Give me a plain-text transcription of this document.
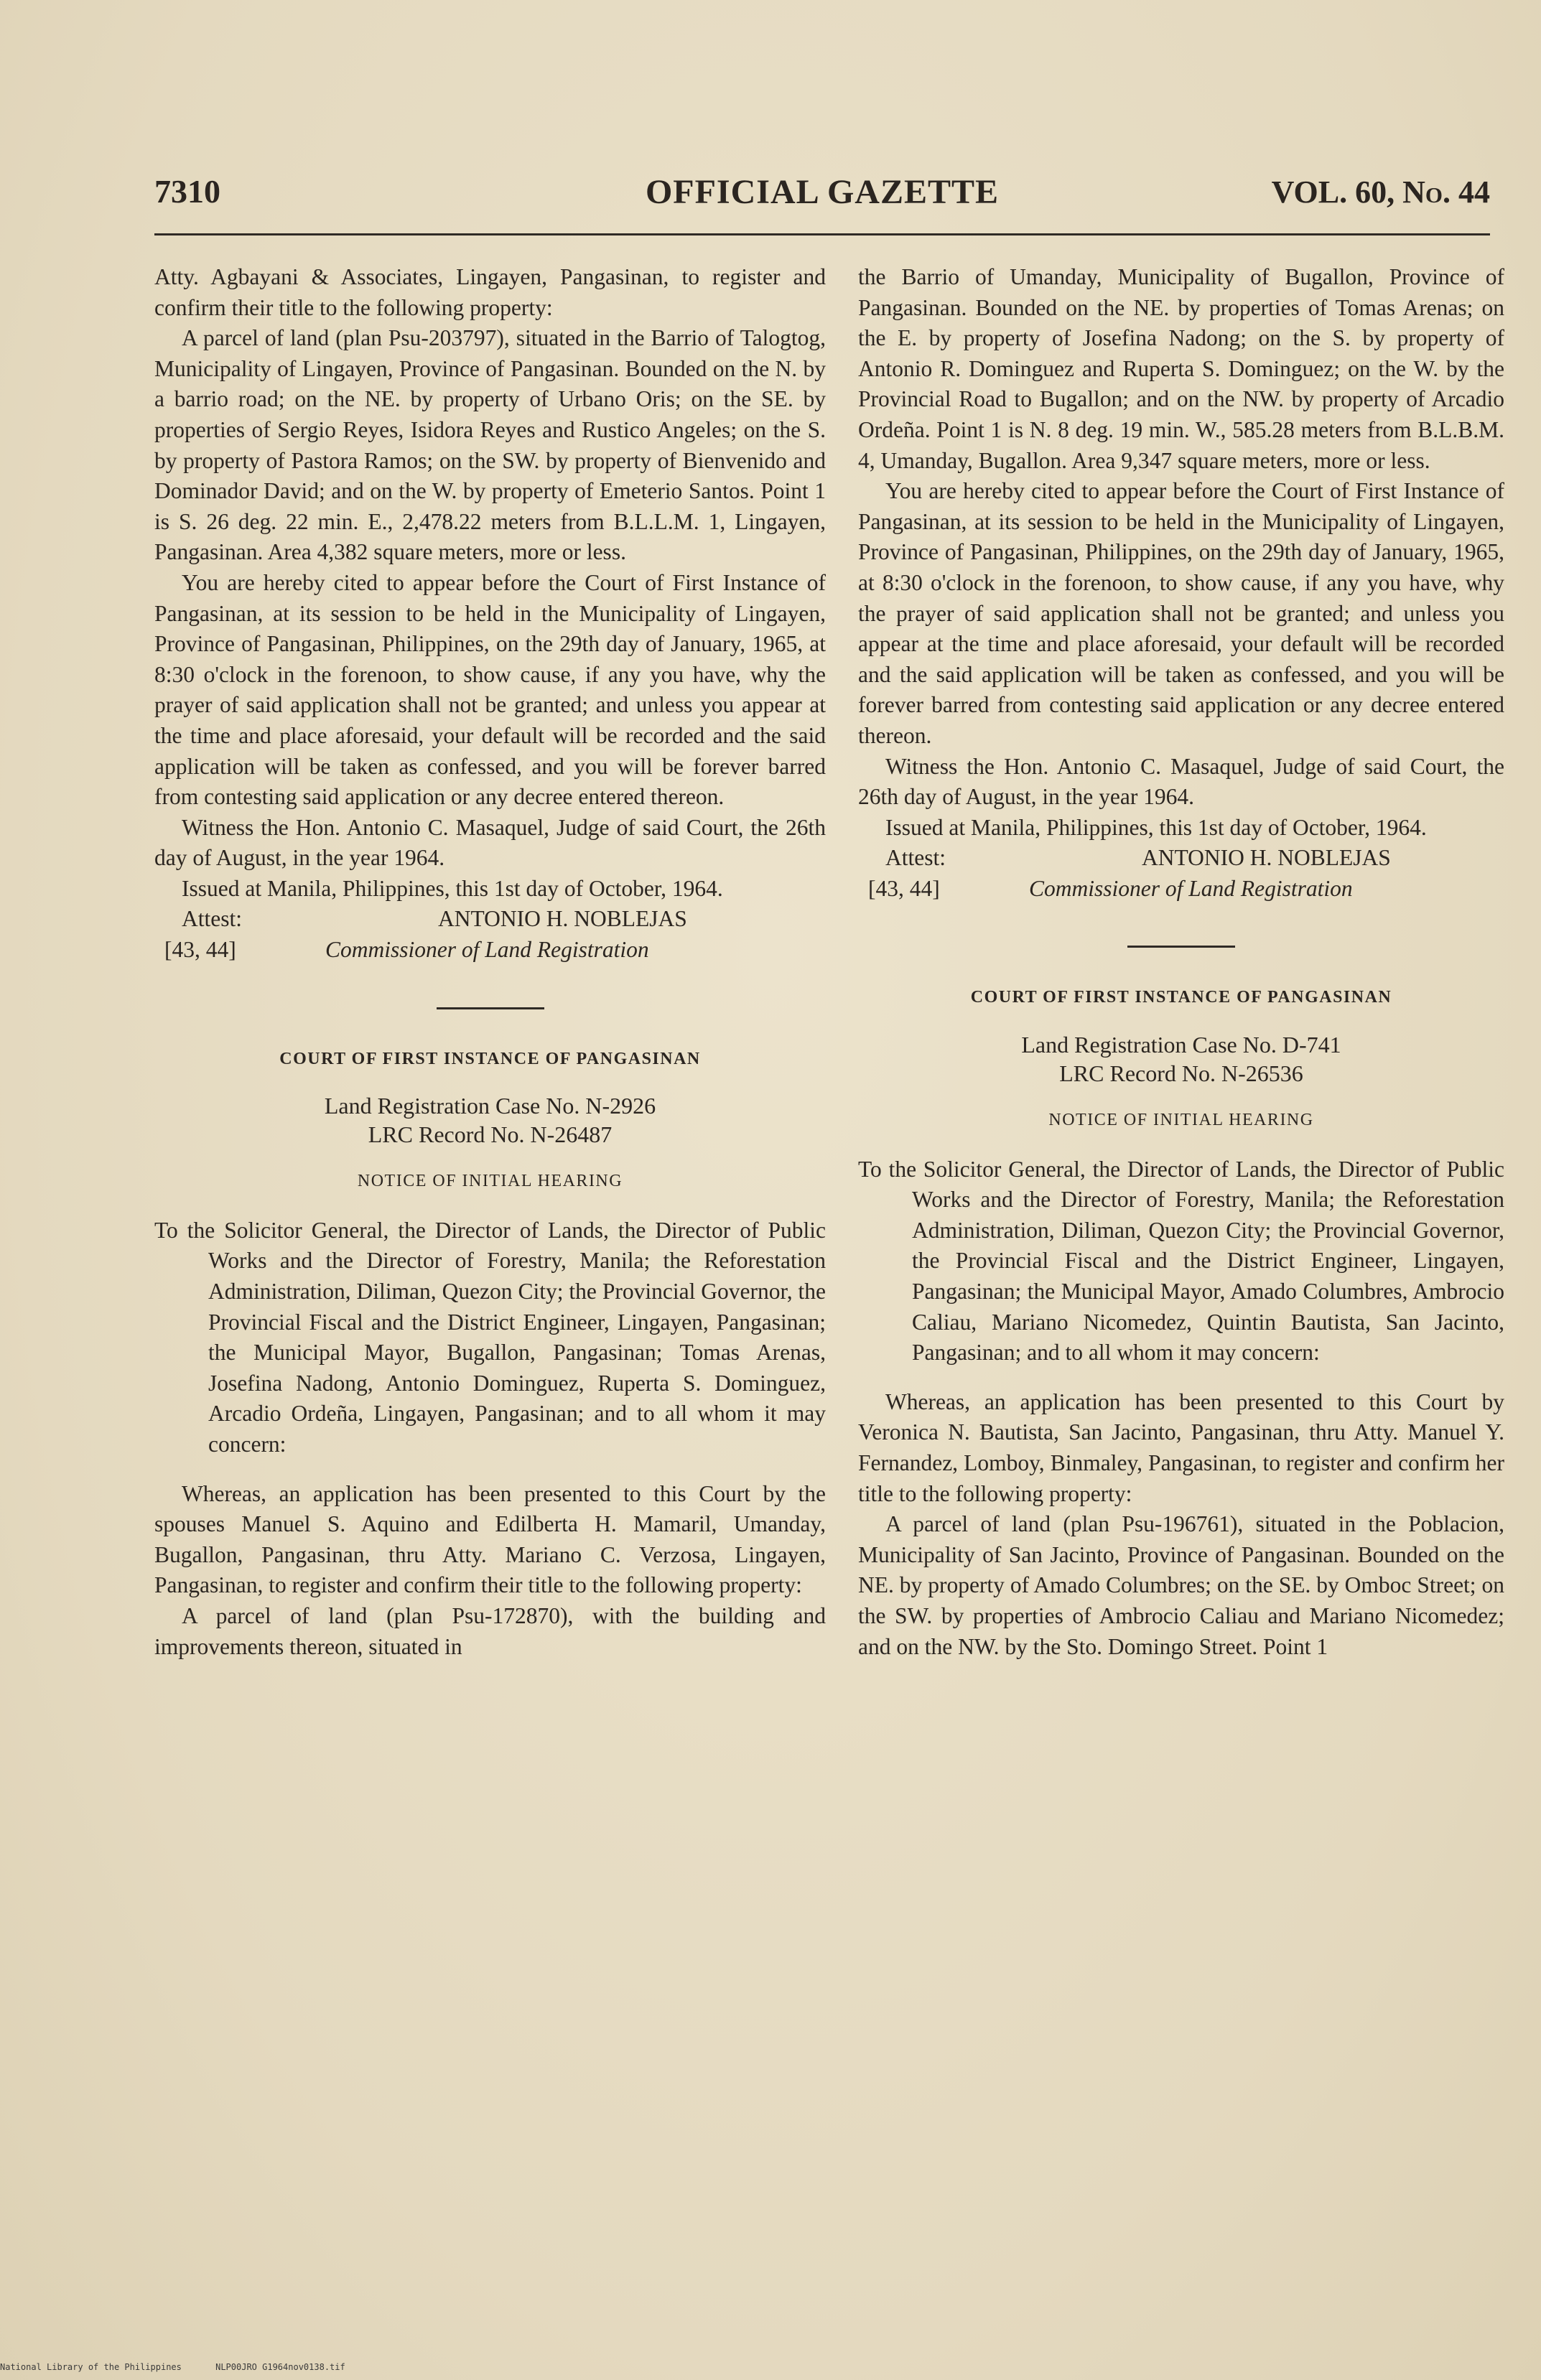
7310	OFFICIAL GAZETTE	VOL. 60, No. 44

Atty. Agbayani & Associates, Lingayen, Pangasinan, to register and confirm their title to the following property:

A parcel of land (plan Psu-203797), situated in the Barrio of Talogtog, Municipality of Lingayen, Province of Pangasinan. Bounded on the N. by a barrio road; on the NE. by property of Urbano Oris; on the SE. by properties of Sergio Reyes, Isidora Reyes and Rustico Angeles; on the S. by property of Pastora Ramos; on the SW. by property of Bienvenido and Dominador David; and on the W. by property of Emeterio Santos. Point 1 is S. 26 deg. 22 min. E., 2,478.22 meters from B.L.L.M. 1, Lingayen, Pangasinan. Area 4,382 square meters, more or less.

You are hereby cited to appear before the Court of First Instance of Pangasinan, at its session to be held in the Municipality of Lingayen, Province of Pangasinan, Philippines, on the 29th day of January, 1965, at 8:30 o'clock in the forenoon, to show cause, if any you have, why the prayer of said application shall not be granted; and unless you appear at the time and place aforesaid, your default will be recorded and the said application will be taken as confessed, and you will be forever barred from contesting said application or any decree entered thereon.

Witness the Hon. Antonio C. Masaquel, Judge of said Court, the 26th day of August, in the year 1964.

Issued at Manila, Philippines, this 1st day of October, 1964.

Attest:	ANTONIO H. NOBLEJAS
[43, 44]	Commissioner of Land Registration
COURT OF FIRST INSTANCE OF PANGASINAN
Land Registration Case No. N-2926
LRC Record No. N-26487
NOTICE OF INITIAL HEARING

To the Solicitor General, the Director of Lands, the Director of Public Works and the Director of Forestry, Manila; the Reforestation Administration, Diliman, Quezon City; the Provincial Governor, the Provincial Fiscal and the District Engineer, Lingayen, Pangasinan; the Municipal Mayor, Bugallon, Pangasinan; Tomas Arenas, Josefina Nadong, Antonio Dominguez, Ruperta S. Dominguez, Arcadio Ordeña, Lingayen, Pangasinan; and to all whom it may concern:

Whereas, an application has been presented to this Court by the spouses Manuel S. Aquino and Edilberta H. Mamaril, Umanday, Bugallon, Pangasinan, thru Atty. Mariano C. Verzosa, Lingayen, Pangasinan, to register and confirm their title to the following property:

A parcel of land (plan Psu-172870), with the building and improvements thereon, situated in

the Barrio of Umanday, Municipality of Bugallon, Province of Pangasinan. Bounded on the NE. by properties of Tomas Arenas; on the E. by property of Josefina Nadong; on the S. by property of Antonio R. Dominguez and Ruperta S. Dominguez; on the W. by the Provincial Road to Bugallon; and on the NW. by property of Arcadio Ordeña. Point 1 is N. 8 deg. 19 min. W., 585.28 meters from B.L.B.M. 4, Umanday, Bugallon. Area 9,347 square meters, more or less.

You are hereby cited to appear before the Court of First Instance of Pangasinan, at its session to be held in the Municipality of Lingayen, Province of Pangasinan, Philippines, on the 29th day of January, 1965, at 8:30 o'clock in the forenoon, to show cause, if any you have, why the prayer of said application shall not be granted; and unless you appear at the time and place aforesaid, your default will be recorded and the said application will be taken as confessed, and you will be forever barred from contesting said application or any decree entered thereon.

Witness the Hon. Antonio C. Masaquel, Judge of said Court, the 26th day of August, in the year 1964.

Issued at Manila, Philippines, this 1st day of October, 1964.

Attest:	ANTONIO H. NOBLEJAS
[43, 44]	Commissioner of Land Registration
COURT OF FIRST INSTANCE OF PANGASINAN
Land Registration Case No. D-741
LRC Record No. N-26536
NOTICE OF INITIAL HEARING

To the Solicitor General, the Director of Lands, the Director of Public Works and the Director of Forestry, Manila; the Reforestation Administration, Diliman, Quezon City; the Provincial Governor, the Provincial Fiscal and the District Engineer, Lingayen, Pangasinan; the Municipal Mayor, Amado Columbres, Ambrocio Caliau, Mariano Nicomedez, Quintin Bautista, San Jacinto, Pangasinan; and to all whom it may concern:

Whereas, an application has been presented to this Court by Veronica N. Bautista, San Jacinto, Pangasinan, thru Atty. Manuel Y. Fernandez, Lomboy, Binmaley, Pangasinan, to register and confirm her title to the following property:

A parcel of land (plan Psu-196761), situated in the Poblacion, Municipality of San Jacinto, Province of Pangasinan. Bounded on the NE. by property of Amado Columbres; on the SE. by Omboc Street; on the SW. by properties of Ambrocio Caliau and Mariano Nicomedez; and on the NW. by the Sto. Domingo Street. Point 1

National Library of the Philippines	NLP00JRO G1964nov0138.tif
